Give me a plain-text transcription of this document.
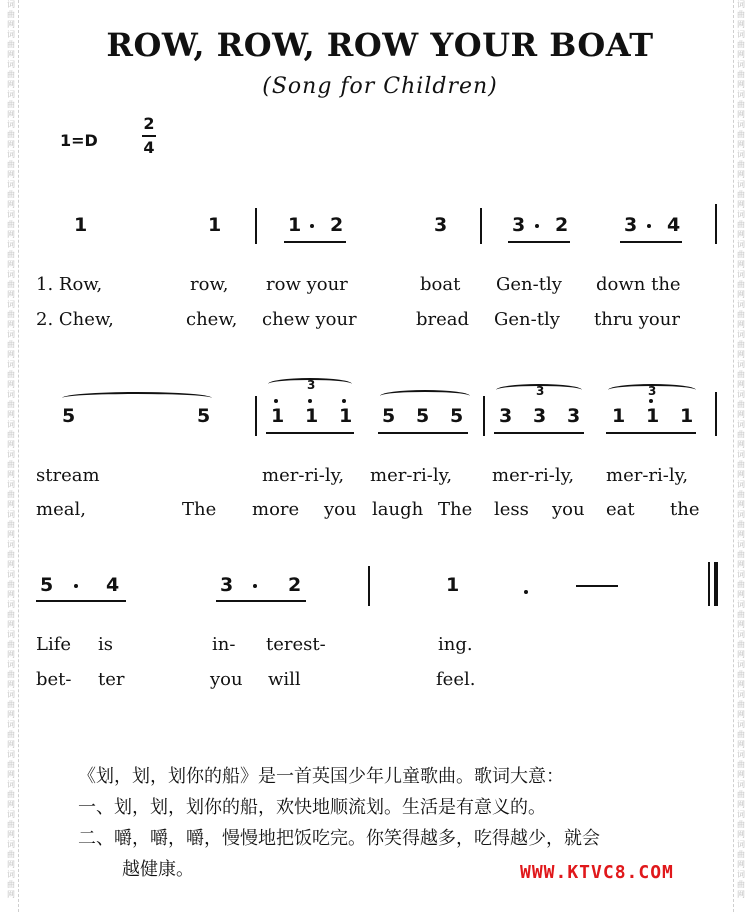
词曲网词曲网词曲网词曲网词曲网词曲网词曲网词曲网词曲网词曲网词曲网词曲网词曲网词曲网词曲网词曲网词曲网词曲网词曲网词曲网词曲网词曲网词曲网词曲网词曲网词曲网词曲网词曲网词曲网词曲网
词曲网词曲网词曲网词曲网词曲网词曲网词曲网词曲网词曲网词曲网词曲网词曲网词曲网词曲网词曲网词曲网词曲网词曲网词曲网词曲网词曲网词曲网词曲网词曲网词曲网词曲网词曲网词曲网词曲网词曲网
ROW, ROW, ROW YOUR BOAT
(Song for Children)
1=D
2
4
1	1	1 2	3	3 2	3 4
1. Row,	row, row your	boat Gen-tly down the
2. Chew,	chew, chew your	bread Gen-tly thru your
5	5
3
1 1 1 5 5 5
3
3 3 3
3
1 1 1
stream	mer-ri-ly, mer-ri-ly, mer-ri-ly, mer-ri-ly,
meal,	The more you laugh The less you eat the
5	4	3	2	1
Life is	in- terest-	ing.
bet- ter	you will	feel.
《划，划，划你的船》是一首英国少年儿童歌曲。歌词大意：
一、划，划，划你的船，欢快地顺流划。生活是有意义的。
二、嚼，嚼，嚼，慢慢地把饭吃完。你笑得越多，吃得越少，就会
越健康。	WWW.KTVC8.COM
